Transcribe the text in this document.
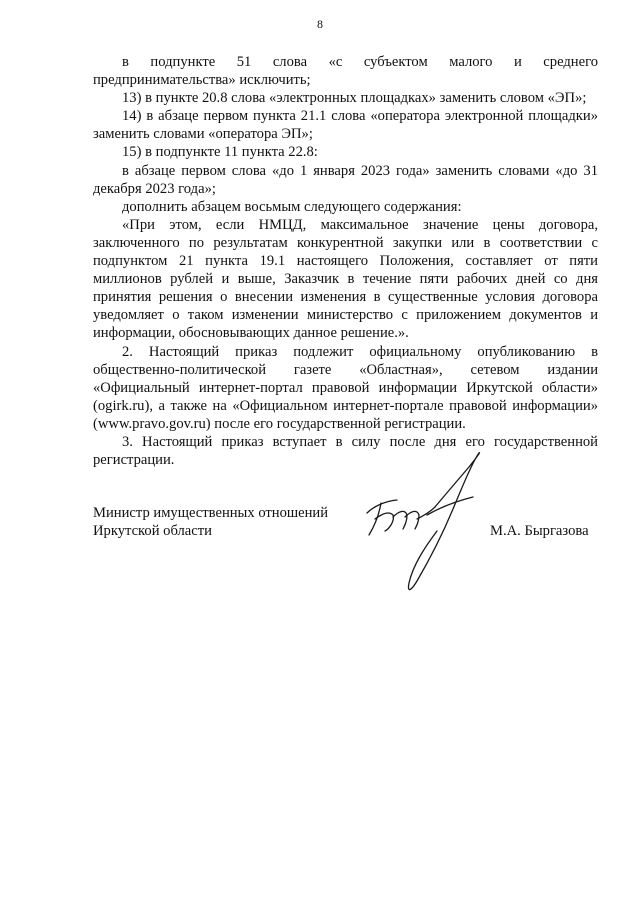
8

в подпункте 51 слова «с субъектом малого и среднего предпринимательства» исключить;

13) в пункте 20.8 слова «электронных площадках» заменить словом «ЭП»;

14) в абзаце первом пункта 21.1 слова «оператора электронной площадки» заменить словами «оператора ЭП»;

15) в подпункте 11 пункта 22.8:

в абзаце первом слова «до 1 января 2023 года» заменить словами «до 31 декабря 2023 года»;

дополнить абзацем восьмым следующего содержания:

«При этом, если НМЦД, максимальное значение цены договора, заключенного по результатам конкурентной закупки или в соответствии с подпунктом 21 пункта 19.1 настоящего Положения, составляет от пяти миллионов рублей и выше, Заказчик в течение пяти рабочих дней со дня принятия решения о внесении изменения в существенные условия договора уведомляет о таком изменении министерство с приложением документов и информации, обосновывающих данное решение.».

2. Настоящий приказ подлежит официальному опубликованию в общественно-политической газете «Областная», сетевом издании «Официальный интернет-портал правовой информации Иркутской области» (ogirk.ru), а также на «Официальном интернет-портале правовой информации» (www.pravo.gov.ru) после его государственной регистрации.

3. Настоящий приказ вступает в силу после дня его государственной регистрации.

Министр имущественных отношений
Иркутской области	М.А. Быргазова
